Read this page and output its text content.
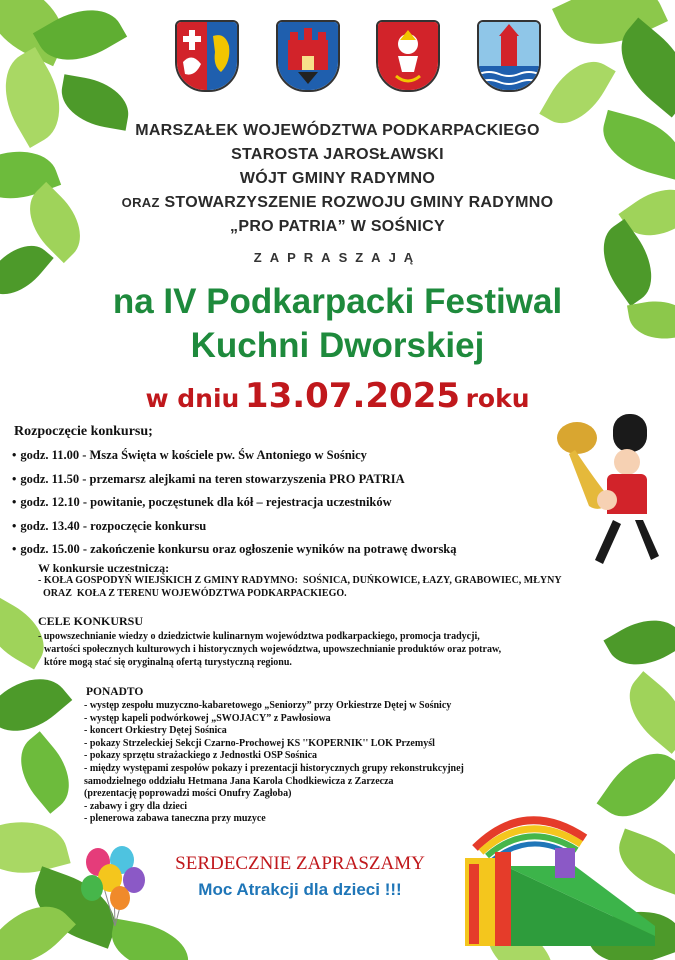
MARSZAŁEK WOJEWÓDZTWA PODKARPACKIEGO
STAROSTA JAROSŁAWSKI
WÓJT GMINY RADYMNO
ORAZ STOWARZYSZENIE ROZWOJU GMINY RADYMNO
„PRO PATRIA” W SOŚNICY
ZAPRASZAJĄ
na IV Podkarpacki Festiwal
Kuchni Dworskiej
w dniu 13.07.2025 roku
Rozpoczęcie konkursu;
• godz. 11.00 - Msza Święta w kościele pw. Św Antoniego w Sośnicy
• godz. 11.50 - przemarsz alejkami na teren stowarzyszenia PRO PATRIA
• godz. 12.10 - powitanie, poczęstunek dla kół – rejestracja uczestników
• godz. 13.40 - rozpoczęcie konkursu
• godz. 15.00 - zakończenie konkursu oraz ogłoszenie wyników na potrawę dworską
W konkursie uczestniczą:
- KOŁA GOSPODYŃ WIEJSKICH Z GMINY RADYMNO:  SOŚNICA, DUŃKOWICE, ŁAZY, GRABOWIEC, MŁYNY
ORAZ  KOŁA Z TERENU WOJEWÓDZTWA PODKARPACKIEGO.
CELE KONKURSU
- upowszechnianie wiedzy o dziedzictwie kulinarnym województwa podkarpackiego, promocja tradycji,
wartości społecznych kulturowych i historycznych województwa, upowszechnianie produktów oraz potraw,
które mogą stać się oryginalną ofertą turystyczną regionu.
PONADTO
- występ zespołu muzyczno-kabaretowego „Seniorzy” przy Orkiestrze Dętej w Sośnicy
- występ kapeli podwórkowej „SWOJACY” z Pawłosiowa
- koncert Orkiestry Dętej Sośnica
- pokazy Strzeleckiej Sekcji Czarno-Prochowej KS ''KOPERNIK'' LOK Przemyśl
- pokazy sprzętu strażackiego z Jednostki OSP Sośnica
- między występami zespołów pokazy i prezentacji historycznych grupy rekonstrukcyjnej
samodzielnego oddziału Hetmana Jana Karola Chodkiewicza z Zarzecza
(prezentację poprowadzi mości Onufry Zagłoba)
- zabawy i gry dla dzieci
- plenerowa zabawa taneczna przy muzyce
SERDECZNIE ZAPRASZAMY
Moc Atrakcji dla dzieci !!!
